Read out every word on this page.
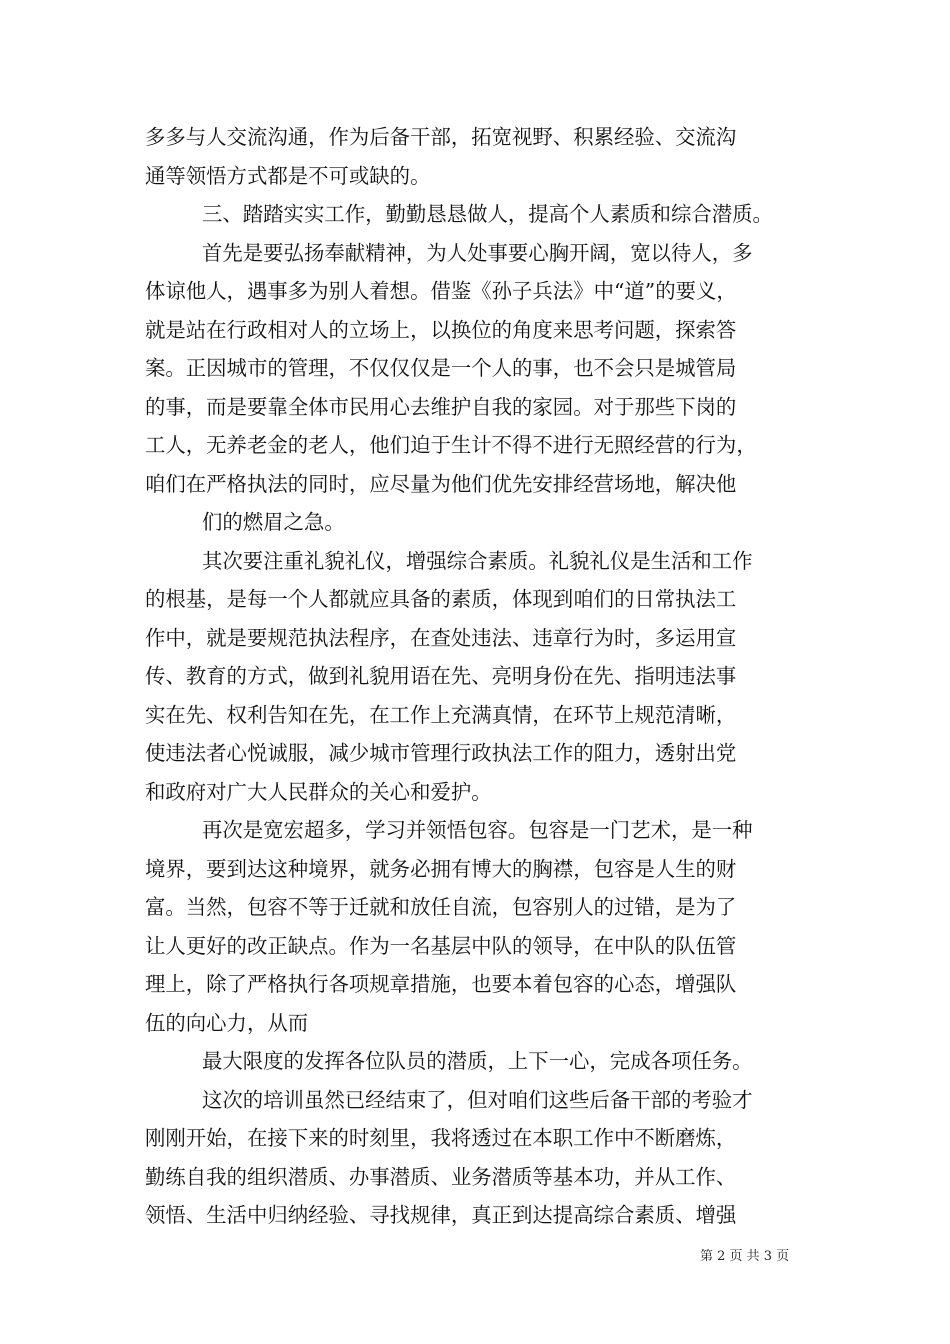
多多与人交流沟通，作为后备干部，拓宽视野、积累经验、交流沟
通等领悟方式都是不可或缺的。
三、踏踏实实工作，勤勤恳恳做人，提高个人素质和综合潜质。
首先是要弘扬奉献精神，为人处事要心胸开阔，宽以待人，多
体谅他人，遇事多为别人着想。借鉴《孙子兵法》中“道”的要义，
就是站在行政相对人的立场上，以换位的角度来思考问题，探索答
案。正因城市的管理，不仅仅仅是一个人的事，也不会只是城管局
的事，而是要靠全体市民用心去维护自我的家园。对于那些下岗的
工人，无养老金的老人，他们迫于生计不得不进行无照经营的行为，
咱们在严格执法的同时，应尽量为他们优先安排经营场地，解决他
们的燃眉之急。
其次要注重礼貌礼仪，增强综合素质。礼貌礼仪是生活和工作
的根基，是每一个人都就应具备的素质，体现到咱们的日常执法工
作中，就是要规范执法程序，在查处违法、违章行为时，多运用宣
传、教育的方式，做到礼貌用语在先、亮明身份在先、指明违法事
实在先、权利告知在先，在工作上充满真情，在环节上规范清晰，
使违法者心悦诚服，减少城市管理行政执法工作的阻力，透射出党
和政府对广大人民群众的关心和爱护。
再次是宽宏超多，学习并领悟包容。包容是一门艺术，是一种
境界，要到达这种境界，就务必拥有博大的胸襟，包容是人生的财
富。当然，包容不等于迁就和放任自流，包容别人的过错，是为了
让人更好的改正缺点。作为一名基层中队的领导，在中队的队伍管
理上，除了严格执行各项规章措施，也要本着包容的心态，增强队
伍的向心力，从而
最大限度的发挥各位队员的潜质，上下一心，完成各项任务。
这次的培训虽然已经结束了，但对咱们这些后备干部的考验才
刚刚开始，在接下来的时刻里，我将透过在本职工作中不断磨炼，
勤练自我的组织潜质、办事潜质、业务潜质等基本功，并从工作、
领悟、生活中归纳经验、寻找规律，真正到达提高综合素质、增强
第 2 页 共 3 页
